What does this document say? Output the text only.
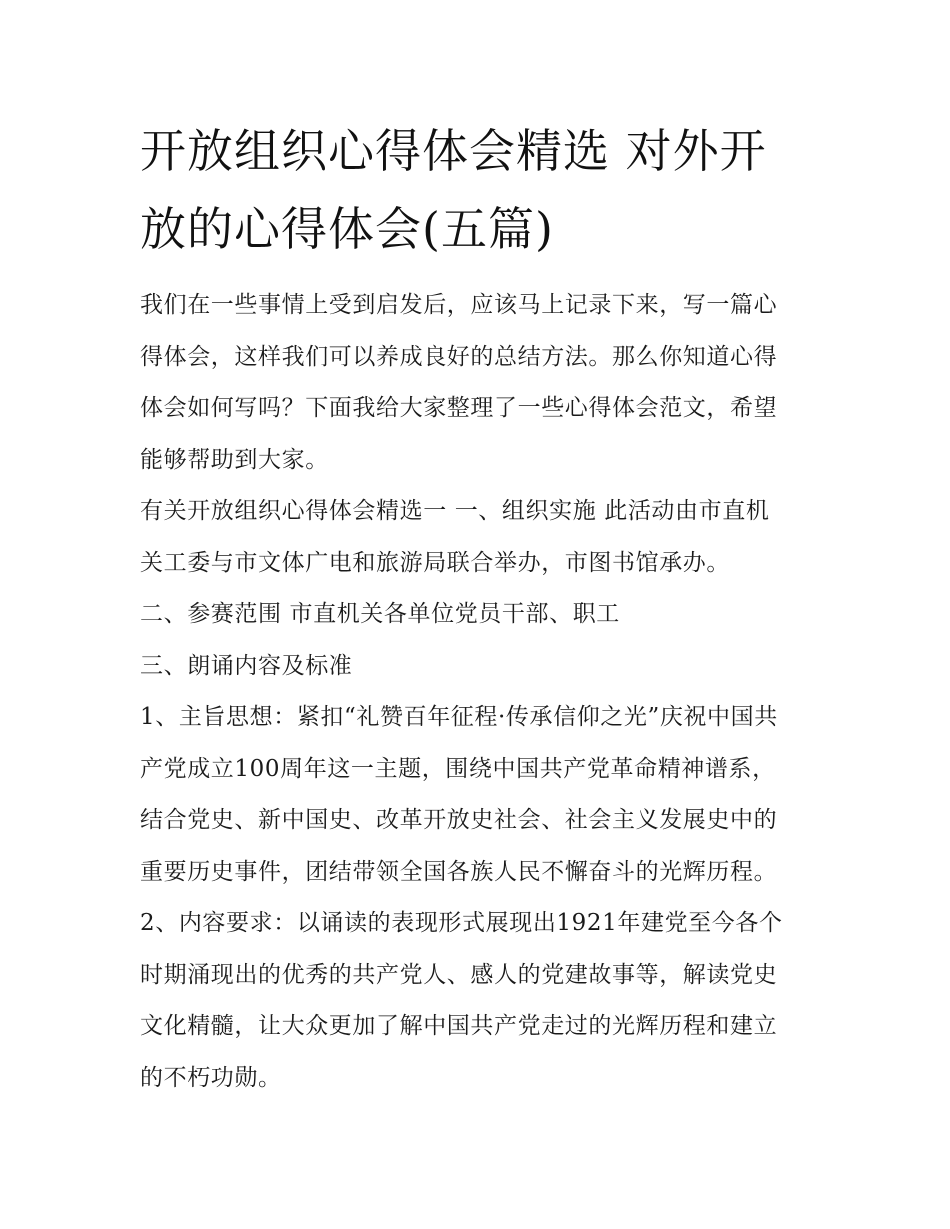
开放组织心得体会精选 对外开
放的心得体会(五篇)
我们在一些事情上受到启发后，应该马上记录下来，写一篇心
得体会，这样我们可以养成良好的总结方法。那么你知道心得
体会如何写吗？下面我给大家整理了一些心得体会范文，希望
能够帮助到大家。
有关开放组织心得体会精选一 一、组织实施 此活动由市直机
关工委与市文体广电和旅游局联合举办，市图书馆承办。
二、参赛范围 市直机关各单位党员干部、职工
三、朗诵内容及标准
1、主旨思想：紧扣“礼赞百年征程·传承信仰之光”庆祝中国共
产党成立100周年这一主题，围绕中国共产党革命精神谱系，
结合党史、新中国史、改革开放史社会、社会主义发展史中的
重要历史事件，团结带领全国各族人民不懈奋斗的光辉历程。
2、内容要求：以诵读的表现形式展现出1921年建党至今各个
时期涌现出的优秀的共产党人、感人的党建故事等，解读党史
文化精髓，让大众更加了解中国共产党走过的光辉历程和建立
的不朽功勋。
